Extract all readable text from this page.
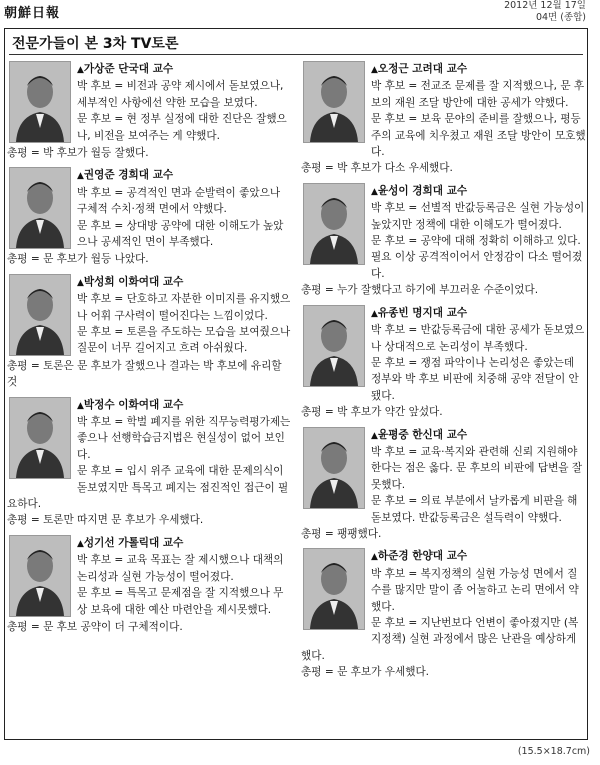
朝鮮日報
2012년 12월 17일
04면 (종합)
전문가들이 본 3차 TV토론

▲ 가상준 단국대 교수

박 후보 = 비전과 공약 제시에서 돋보였으나, 세부적인 사항에선 약한 모습을 보였다.

문 후보 = 현 정부 실정에 대한 진단은 잘했으나, 비전을 보여주는 게 약했다.

총평 = 박 후보가 월등 잘했다.

▲ 권영준 경희대 교수

박 후보 = 공격적인 면과 순발력이 좋았으나 구체적 수치·정책 면에서 약했다.

문 후보 = 상대방 공약에 대한 이해도가 높았으나 공세적인 면이 부족했다.

총평 = 문 후보가 월등 나았다.

▲ 박성희 이화여대 교수

박 후보 = 단호하고 자분한 이미지를 유지했으나 어휘 구사력이 떨어진다는 느낌이었다.

문 후보 = 토론을 주도하는 모습을 보여줬으나 질문이 너무 길어지고 흐려 아쉬웠다.

총평 = 토론은 문 후보가 잘했으나 결과는 박 후보에 유리할 것

▲ 박정수 이화여대 교수

박 후보 = 학벌 폐지를 위한 직무능력평가제는 좋으나 선행학습금지법은 현실성이 없어 보인다.

문 후보 = 입시 위주 교육에 대한 문제의식이 돋보였지만 특목고 폐지는 점진적인 접근이 필요하다.

총평 = 토론만 따지면 문 후보가 우세했다.

▲ 성기선 가톨릭대 교수

박 후보 = 교육 목표는 잘 제시했으나 대책의 논리성과 실현 가능성이 떨어졌다.

문 후보 = 특목고 문제점을 잘 지적했으나 무상 보육에 대한 예산 마련안을 제시못했다.

총평 = 문 후보 공약이 더 구체적이다.

▲ 오정근 고려대 교수

박 후보 = 전교조 문제를 잘 지적했으나, 문 후보의 재원 조달 방안에 대한 공세가 약했다.

문 후보 = 보육 문야의 준비를 잘했으나, 평등주의 교육에 치우쳤고 재원 조달 방안이 모호했다.

총평 = 박 후보가 다소 우세했다.

▲ 윤성이 경희대 교수

박 후보 = 선별적 반값등록금은 실현 가능성이 높았지만 정책에 대한 이해도가 떨어졌다.

문 후보 = 공약에 대해 정확히 이해하고 있다. 필요 이상 공격적이어서 안정감이 다소 떨어졌다.

총평 = 누가 잘했다고 하기에 부끄러운 수준이었다.

▲ 유종빈 명지대 교수

박 후보 = 반값등록금에 대한 공세가 돋보였으나 상대적으로 논리성이 부족했다.

문 후보 = 쟁점 파악이나 논리성은 좋았는데 정부와 박 후보 비판에 치중해 공약 전달이 안 됐다.

총평 = 박 후보가 약간 앞섰다.

▲ 윤평중 한신대 교수

박 후보 = 교육·복지와 관련해 신뢰 지원해야 한다는 점은 옳다. 문 후보의 비판에 답변을 잘 못했다.

문 후보 = 의료 부분에서 날카롭게 비판을 해 돋보였다. 반값등록금은 설득력이 약했다.

총평 = 팽팽했다.

▲ 하준경 한양대 교수

박 후보 = 복지정책의 실현 가능성 면에서 질수를 많지만 말이 좀 어눌하고 논리 면에서 약했다.

문 후보 = 지난번보다 언변이 좋아졌지만 (복지정책) 실현 과정에서 많은 난관을 예상하게 했다.

총평 = 문 후보가 우세했다.

(15.5×18.7cm)
